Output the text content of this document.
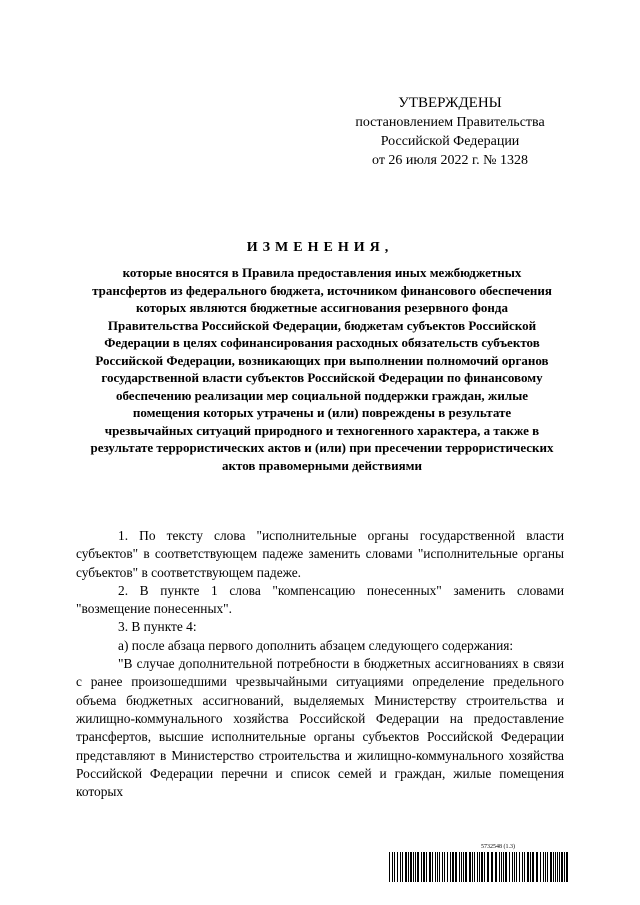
УТВЕРЖДЕНЫ
постановлением Правительства
Российской Федерации
от 26 июля 2022 г. № 1328
ИЗМЕНЕНИЯ,
которые вносятся в Правила предоставления иных межбюджетных трансфертов из федерального бюджета, источником финансового обеспечения которых являются бюджетные ассигнования резервного фонда Правительства Российской Федерации, бюджетам субъектов Российской Федерации в целях софинансирования расходных обязательств субъектов Российской Федерации, возникающих при выполнении полномочий органов государственной власти субъектов Российской Федерации по финансовому обеспечению реализации мер социальной поддержки граждан, жилые помещения которых утрачены и (или) повреждены в результате чрезвычайных ситуаций природного и техногенного характера, а также в результате террористических актов и (или) при пресечении террористических актов правомерными действиями

1. По тексту слова "исполнительные органы государственной власти субъектов" в соответствующем падеже заменить словами "исполнительные органы субъектов" в соответствующем падеже.

2. В пункте 1 слова "компенсацию понесенных" заменить словами "возмещение понесенных".

3. В пункте 4:

а) после абзаца первого дополнить абзацем следующего содержания:

"В случае дополнительной потребности в бюджетных ассигнованиях в связи с ранее произошедшими чрезвычайными ситуациями определение предельного объема бюджетных ассигнований, выделяемых Министерству строительства и жилищно-коммунального хозяйства Российской Федерации на предоставление трансфертов, высшие исполнительные органы субъектов Российской Федерации представляют в Министерство строительства и жилищно-коммунального хозяйства Российской Федерации перечни и список семей и граждан, жилые помещения которых

5732548 (1.3)
